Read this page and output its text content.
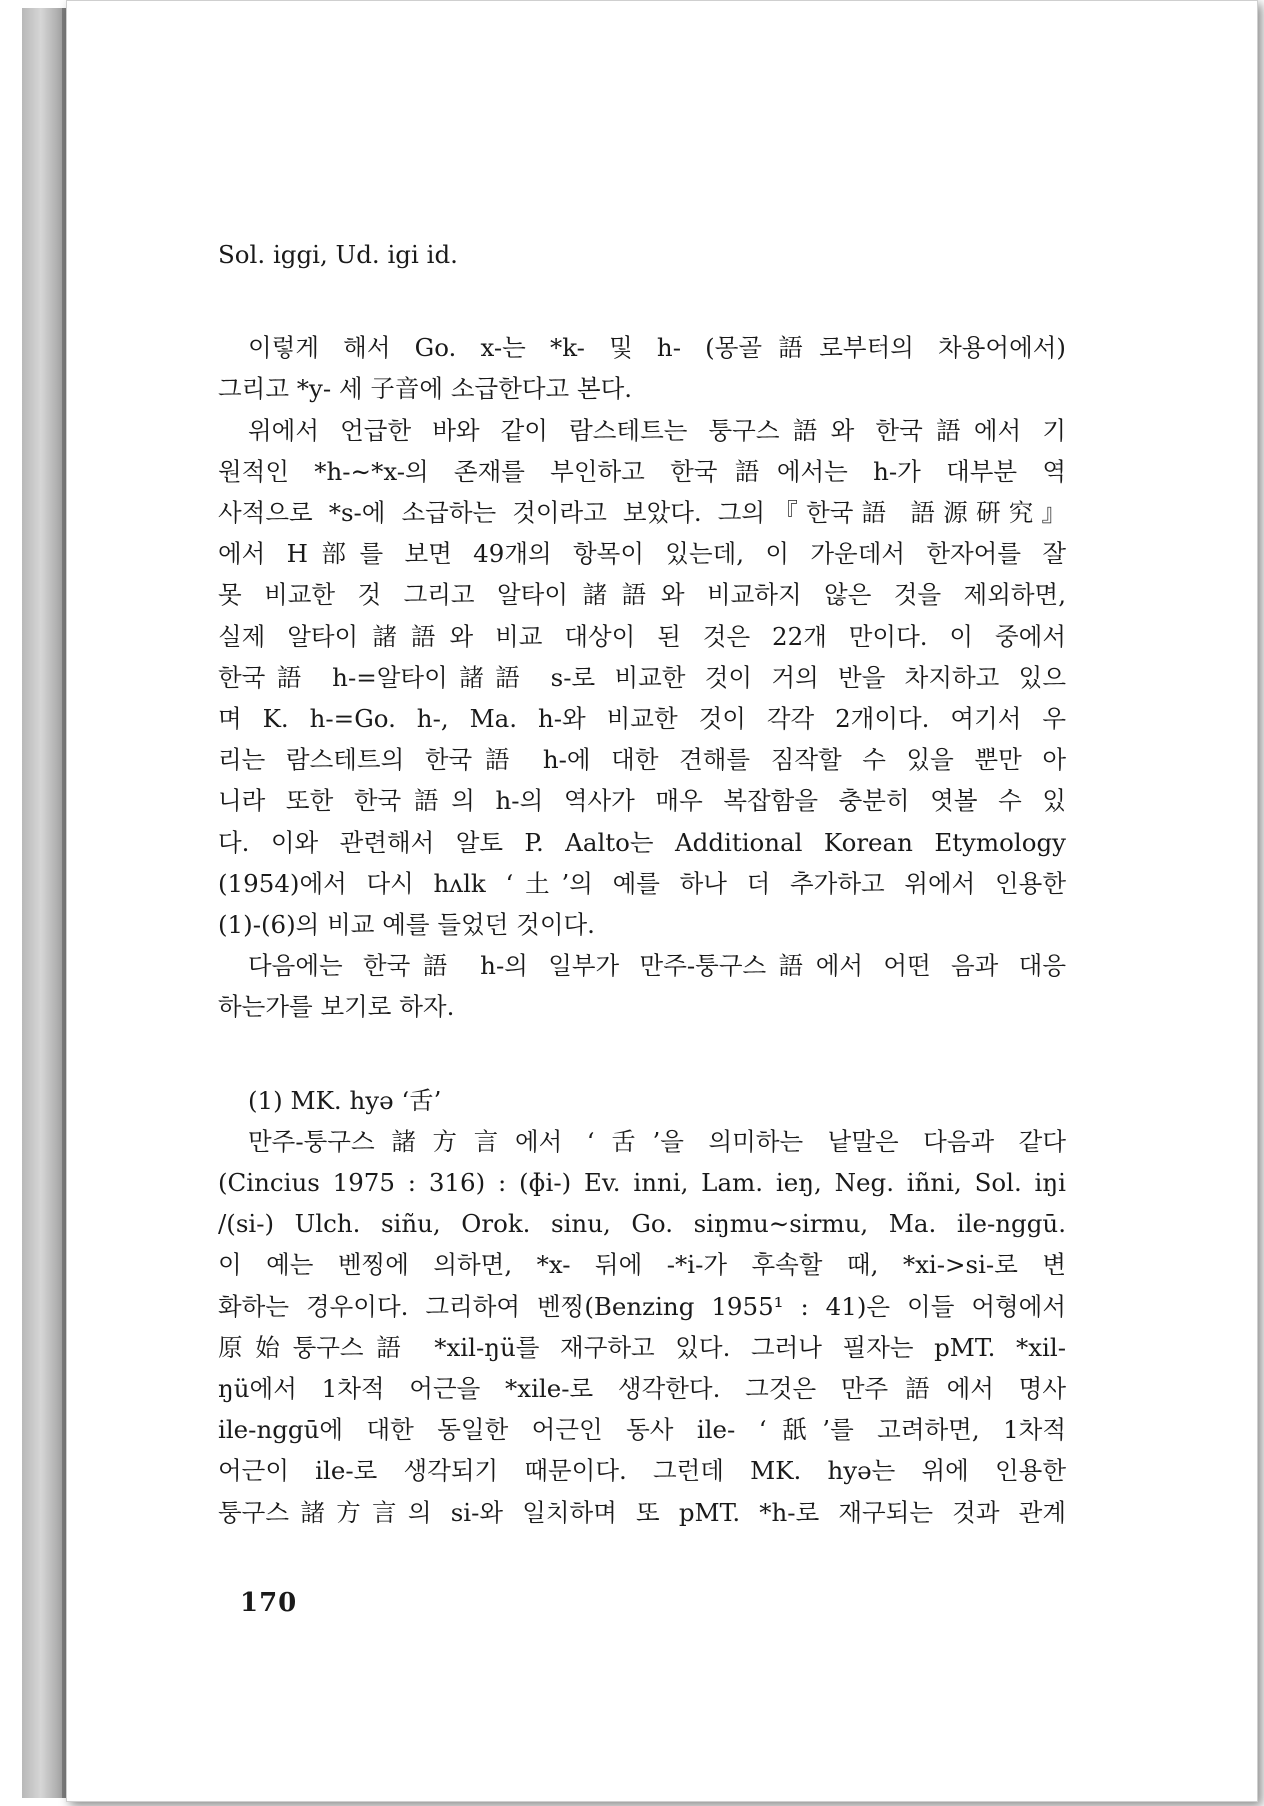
Sol. iggi, Ud. igi id.
이렇게 해서 Go. x-는 *k- 및 h- (몽골語로부터의 차용어에서)
그리고 *y- 세 子音에 소급한다고 본다.
위에서 언급한 바와 같이 람스테트는 퉁구스語와 한국語에서 기
원적인 *h-∼*x-의 존재를 부인하고 한국語에서는 h-가 대부분 역
사적으로 *s-에 소급하는 것이라고 보았다. 그의『한국語 語源硏究』
에서 H部를 보면 49개의 항목이 있는데, 이 가운데서 한자어를 잘
못 비교한 것 그리고 알타이諸語와 비교하지 않은 것을 제외하면,
실제 알타이諸語와 비교 대상이 된 것은 22개 만이다. 이 중에서
한국語 h-=알타이諸語 s-로 비교한 것이 거의 반을 차지하고 있으
며 K. h-=Go. h-, Ma. h-와 비교한 것이 각각 2개이다. 여기서 우
리는 람스테트의 한국語 h-에 대한 견해를 짐작할 수 있을 뿐만 아
니라 또한 한국語의 h-의 역사가 매우 복잡함을 충분히 엿볼 수 있
다. 이와 관련해서 알토 P. Aalto는 Additional Korean Etymology
(1954)에서 다시 hʌlk ‘土’의 예를 하나 더 추가하고 위에서 인용한
(1)-(6)의 비교 예를 들었던 것이다.
다음에는 한국語 h-의 일부가 만주-퉁구스語에서 어떤 음과 대응
하는가를 보기로 하자.
(1) MK. hyə ‘舌’
만주-퉁구스諸方言에서 ‘舌’을 의미하는 낱말은 다음과 같다
(Cincius 1975 : 316) : (ɸi-) Ev. inni, Lam. ieŋ, Neg. iñni, Sol. iŋi
/(si-) Ulch. siñu, Orok. sinu, Go. siŋmu∼sirmu, Ma. ile-nggū.
이 예는 벤찡에 의하면, *x- 뒤에 -*i-가 후속할 때, *xi->si-로 변
화하는 경우이다. 그리하여 벤찡(Benzing 1955¹ : 41)은 이들 어형에서
原始퉁구스語 *xil-ŋü를 재구하고 있다. 그러나 필자는 pMT. *xil-
ŋü에서 1차적 어근을 *xile-로 생각한다. 그것은 만주語에서 명사
ile-nggū에 대한 동일한 어근인 동사 ile- ‘舐’를 고려하면, 1차적
어근이 ile-로 생각되기 때문이다. 그런데 MK. hyə는 위에 인용한
퉁구스諸方言의 si-와 일치하며 또 pMT. *h-로 재구되는 것과 관계
170
